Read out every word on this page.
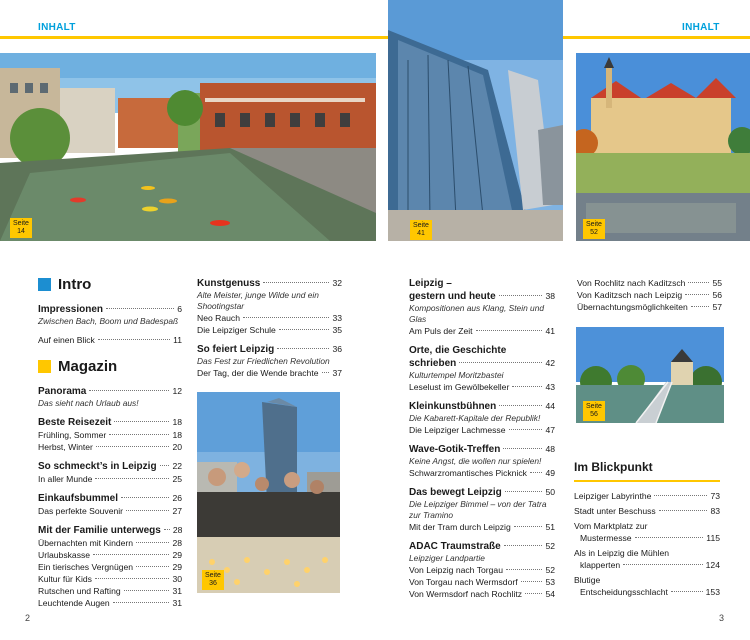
INHALT	INHALT
Seite
14
Seite
41
Seite
52
Intro
Impressionen	6
Zwischen Bach, Boom und Badespaß
Auf einen Blick	11
Magazin
Panorama	12
Das sieht nach Urlaub aus!
Beste Reisezeit	18
Frühling, Sommer	18
Herbst, Winter	20
So schmeckt’s in Leipzig 22
In aller Munde	25
Einkaufsbummel	26
Das perfekte Souvenir	27
Mit der Familie unterwegs 28
Übernachten mit Kindern	28
Urlaubskasse	29
Ein tierisches Vergnügen	29
Kultur für Kids	30
Rutschen und Rafting	31
Leuchtende Augen	31
Kunstgenuss	32
Alte Meister, junge Wilde und ein Shootingstar
Neo Rauch	33
Die Leipziger Schule	35
So feiert Leipzig	36
Das Fest zur Friedlichen Revolution
Der Tag, der die Wende brachte 37
Seite
36
Leipzig –
gestern und heute	38
Kompositionen aus Klang, Stein und Glas
Am Puls der Zeit	41
Orte, die Geschichte
schrieben	42
Kulturtempel Moritzbastei
Leselust im Gewölbekeller	43
Kleinkunstbühnen	44
Die Kabarett-Kapitale der Republik!
Die Leipziger Lachmesse	47
Wave-Gotik-Treffen	48
Keine Angst, die wollen nur spielen!
Schwarzromantisches Picknick 49
Das bewegt Leipzig	50
Die Leipziger Bimmel – von der Tatra zur Tramino
Mit der Tram durch Leipzig	51
ADAC Traumstraße	52
Leipziger Landpartie
Von Leipzig nach Torgau	52
Von Torgau nach Wermsdorf	53
Von Wermsdorf nach Rochlitz	54
Von Rochlitz nach Kaditzsch	55
Von Kaditzsch nach Leipzig	56
Übernachtungsmöglichkeiten	57
Seite
56
Im Blickpunkt
Leipziger Labyrinthe	73
Stadt unter Beschuss	83
Vom Marktplatz zur
Mustermesse	115
Als in Leipzig die Mühlen
klapperten	124
Blutige
Entscheidungsschlacht	153
2	3
